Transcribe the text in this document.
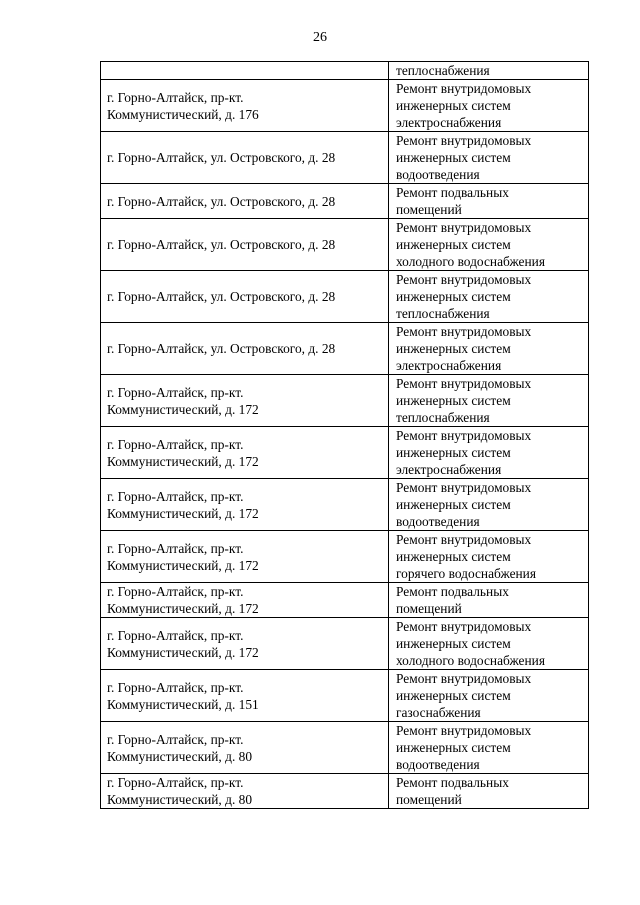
26

	теплоснабжения

г. Горно-Алтайск, пр-кт.
Коммунистический, д. 176	Ремонт внутридомовых
инженерных систем
электроснабжения

г. Горно-Алтайск, ул. Островского, д. 28	Ремонт внутридомовых
инженерных систем
водоотведения

г. Горно-Алтайск, ул. Островского, д. 28	Ремонт подвальных
помещений

г. Горно-Алтайск, ул. Островского, д. 28	Ремонт внутридомовых
инженерных систем
холодного водоснабжения

г. Горно-Алтайск, ул. Островского, д. 28	Ремонт внутридомовых
инженерных систем
теплоснабжения

г. Горно-Алтайск, ул. Островского, д. 28	Ремонт внутридомовых
инженерных систем
электроснабжения

г. Горно-Алтайск, пр-кт.
Коммунистический, д. 172	Ремонт внутридомовых
инженерных систем
теплоснабжения

г. Горно-Алтайск, пр-кт.
Коммунистический, д. 172	Ремонт внутридомовых
инженерных систем
электроснабжения

г. Горно-Алтайск, пр-кт.
Коммунистический, д. 172	Ремонт внутридомовых
инженерных систем
водоотведения

г. Горно-Алтайск, пр-кт.
Коммунистический, д. 172	Ремонт внутридомовых
инженерных систем
горячего водоснабжения

г. Горно-Алтайск, пр-кт.
Коммунистический, д. 172	Ремонт подвальных
помещений

г. Горно-Алтайск, пр-кт.
Коммунистический, д. 172	Ремонт внутридомовых
инженерных систем
холодного водоснабжения

г. Горно-Алтайск, пр-кт.
Коммунистический, д. 151	Ремонт внутридомовых
инженерных систем
газоснабжения

г. Горно-Алтайск, пр-кт.
Коммунистический, д. 80	Ремонт внутридомовых
инженерных систем
водоотведения

г. Горно-Алтайск, пр-кт.
Коммунистический, д. 80	Ремонт подвальных
помещений
